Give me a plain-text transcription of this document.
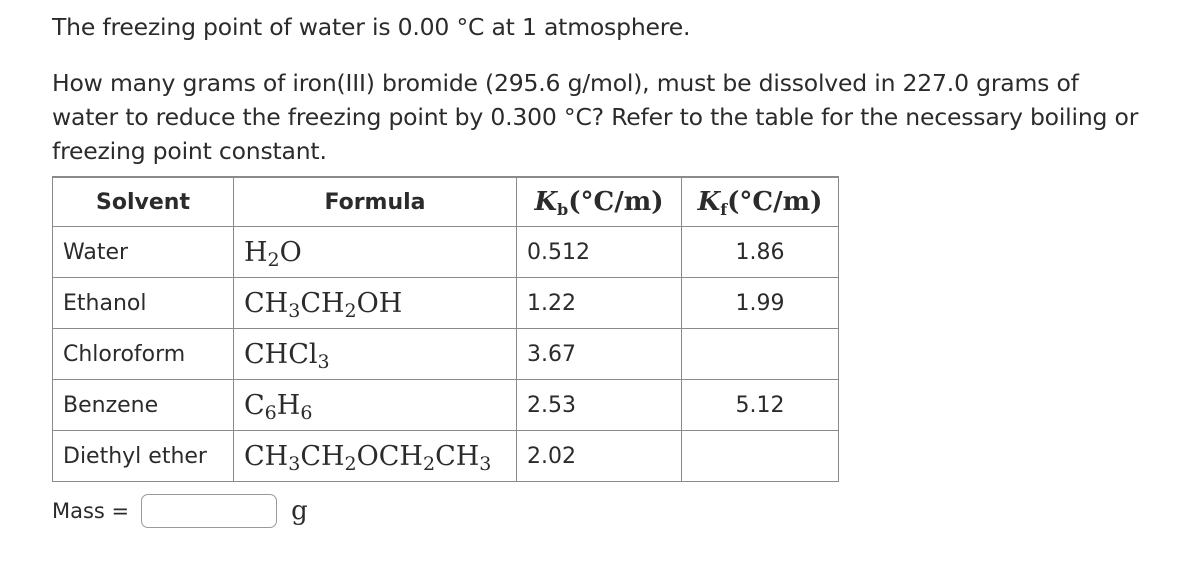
The freezing point of water is 0.00 °C at 1 atmosphere.

How many grams of iron(III) bromide (295.6 g/mol), must be dissolved in 227.0 grams of water to reduce the freezing point by 0.300 °C? Refer to the table for the necessary boiling or freezing point constant.

Solvent	Formula	$K_b(^\circ C/m)$	$K_f(^\circ C/m)$
Water	$H_2O$	0.512	1.86
Ethanol	$CH_3CH_2OH$	1.22	1.99
Chloroform	CHCl$_3$	3.67	
Benzene	$C_6H_6$	2.53	5.12
Diethyl ether	$CH_3CH_2OCH_2CH_3$	2.02	
Mass =	g
